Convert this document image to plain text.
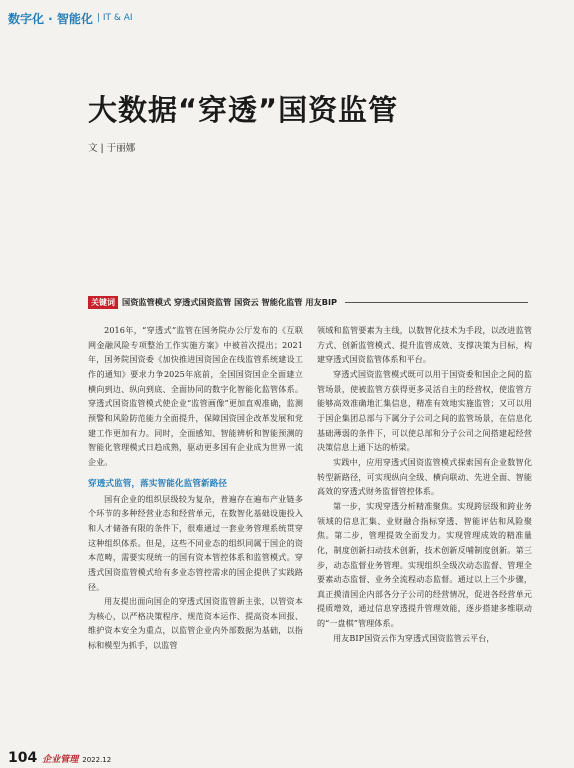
数字化 · 智能化 | IT & AI
大数据“穿透”国资监管
文 | 于丽娜
关键词 国资监管模式 穿透式国资监管 国资云 智能化监管 用友BIP

2016年，“穿透式”监管在国务院办公厅发布的《互联网金融风险专项整治工作实施方案》中被首次提出；2021年，国务院国资委《加快推进国资国企在线监管系统建设工作的通知》要求力争2025年底前，全国国资国企全面建立横向到边、纵向到底、全面协同的数字化智能化监管体系。穿透式国资监管模式使企业“监管画像”更加直观准确，监测预警和风险防范能力全面提升，保障国资国企改革发展和党建工作更加有力。同时，全面感知、智能辨析和智能预测的智能化管理模式日趋成熟，驱动更多国有企业成为世界一流企业。

穿透式监管，落实智能化监管新路径

国有企业的组织层级较为复杂，普遍存在遍布产业链多个环节的多种经营业态和经营单元，在数智化基础设施投入和人才储备有限的条件下，很难通过一套业务管理系统贯穿这种组织体系。但是，这些不同业态的组织同属于国企的资本范畴，需要实现统一的国有资本管控体系和监管模式。穿透式国资监管模式给有多业态管控需求的国企提供了实践路径。

用友提出面向国企的穿透式国资监管新主张，以管资本为核心，以严格决策程序、规范资本运作、提高资本回报、维护资本安全为重点，以监管企业内外部数据为基础，以指标和模型为抓手，以监管

领域和监管要素为主线，以数智化技术为手段，以改进监管方式、创新监管模式、提升监管成效、支撑决策为目标，构建穿透式国资监管体系和平台。

穿透式国资监管模式既可以用于国资委和国企之间的监管场景，使被监管方获得更多灵活自主的经营权，使监管方能够高效准确地汇集信息，精准有效地实施监管；又可以用于国企集团总部与下属分子公司之间的监管场景，在信息化基础薄弱的条件下，可以使总部和分子公司之间搭建起经营决策信息上通下达的桥梁。

实践中，应用穿透式国资监管模式探索国有企业数智化转型新路径，可实现纵向全级、横向联动、先进全面、智能高效的穿透式财务监督管控体系。

第一步，实现穿透分析精准聚焦。实现跨层级和跨业务领域的信息汇集、业财融合指标穿透、智能评估和风险聚焦。第二步，管理提效全面发力。实现管理成效的精准量化，制度创新扫动技术创新，技术创新反哺制度创新。第三步，动态监督业务管理。实现组织全级次动态监督、管理全要素动态监督、业务全流程动态监督。通过以上三个步骤，真正摸清国企内部各分子公司的经营情况，促进各经营单元提质增效，通过信息穿透提升管理效能，逐步搭建多维联动的“一盘棋”管理体系。

用友BIP国资云作为穿透式国资监管云平台，

104 企业管理 2022.12
